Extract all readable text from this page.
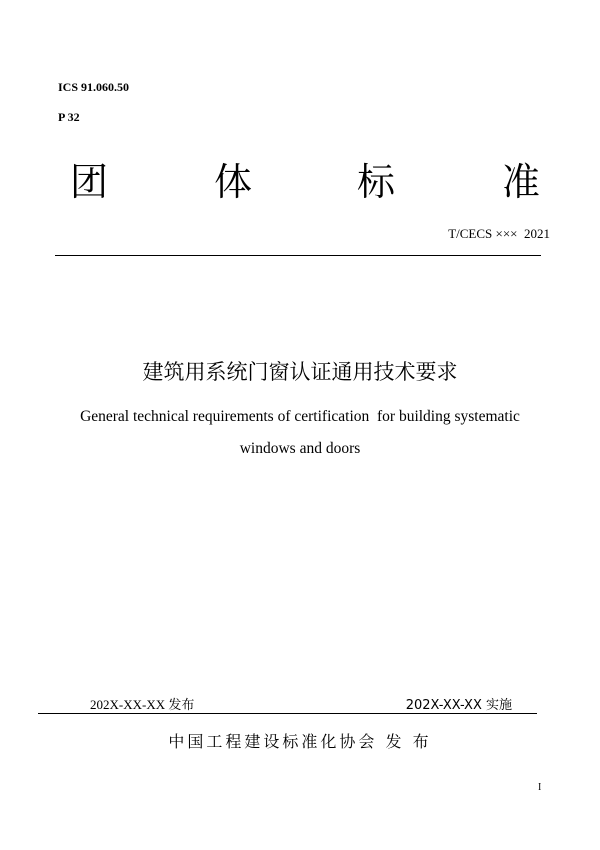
ICS 91.060.50
P 32
团	体	标	准
T/CECS ×××  2021
建筑用系统门窗认证通用技术要求
General technical requirements of certification  for building systematic
windows and doors
202X-XX-XX 发布	202X-XX-XX 实施
中国工程建设标准化协会 发 布
I
